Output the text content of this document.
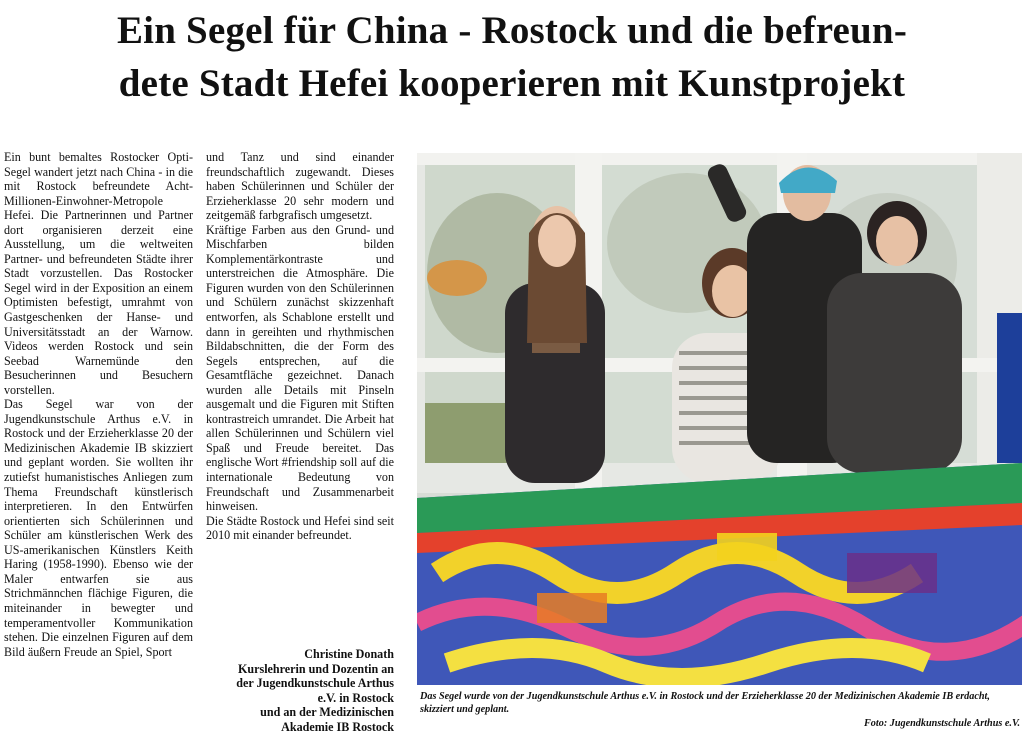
Ein Segel für China - Rostock und die befreun-
dete Stadt Hefei kooperieren mit Kunstprojekt

Ein bunt bemaltes Rostocker Opti-Segel wandert jetzt nach China - in die mit Rostock befreundete Acht-Millionen-Einwohner-Metropole Hefei. Die Partnerinnen und Partner dort organisieren derzeit eine Ausstellung, um die weltweiten Partner- und befreundeten Städte ihrer Stadt vorzustellen. Das Rostocker Segel wird in der Exposition an einem Optimisten befestigt, umrahmt von Gastgeschenken der Hanse- und Universitätsstadt an der Warnow. Videos werden Rostock und sein Seebad Warnemünde den Besucherinnen und Besuchern vorstellen.

Das Segel war von der Jugendkunstschule Arthus e.V. in Rostock und der Erzieherklasse 20 der Medizinischen Akademie IB skizziert und geplant worden. Sie wollten ihr zutiefst humanistisches Anliegen zum Thema Freundschaft künstlerisch interpretieren. In den Entwürfen orientierten sich Schülerinnen und Schüler am künstlerischen Werk des US-amerikanischen Künstlers Keith Haring (1958-1990). Ebenso wie der Maler entwarfen sie aus Strichmännchen flächige Figuren, die miteinander in bewegter und temperamentvoller Kommunikation stehen. Die einzelnen Figuren auf dem Bild äußern Freude an Spiel, Sport

und Tanz und sind einander freundschaftlich zugewandt. Dieses haben Schülerinnen und Schüler der Erzieherklasse 20 sehr modern und zeitgemäß farbgrafisch umgesetzt.

Kräftige Farben aus den Grund- und Mischfarben bilden Komplementärkontraste und unterstreichen die Atmosphäre. Die Figuren wurden von den Schülerinnen und Schülern zunächst skizzenhaft entworfen, als Schablone erstellt und dann in gereihten und rhythmischen Bildabschnitten, die der Form des Segels entsprechen, auf die Gesamtfläche gezeichnet. Danach wurden alle Details mit Pinseln ausgemalt und die Figuren mit Stiften kontrastreich umrandet. Die Arbeit hat allen Schülerinnen und Schülern viel Spaß und Freude bereitet. Das englische Wort #friendship soll auf die internationale Bedeutung von Freundschaft und Zusammenarbeit hinweisen.

Die Städte Rostock und Hefei sind seit 2010 mit einander befreundet.

Christine Donath
Kurslehrerin und Dozentin an
der Jugendkunstschule Arthus
e.V. in Rostock
und an der Medizinischen
Akademie IB Rostock
Das Segel wurde von der Jugendkunstschule Arthus e.V. in Rostock und der Erzieherklasse 20 der Medizinischen Akademie IB erdacht, skizziert und geplant.
Foto: Jugendkunstschule Arthus e.V.
